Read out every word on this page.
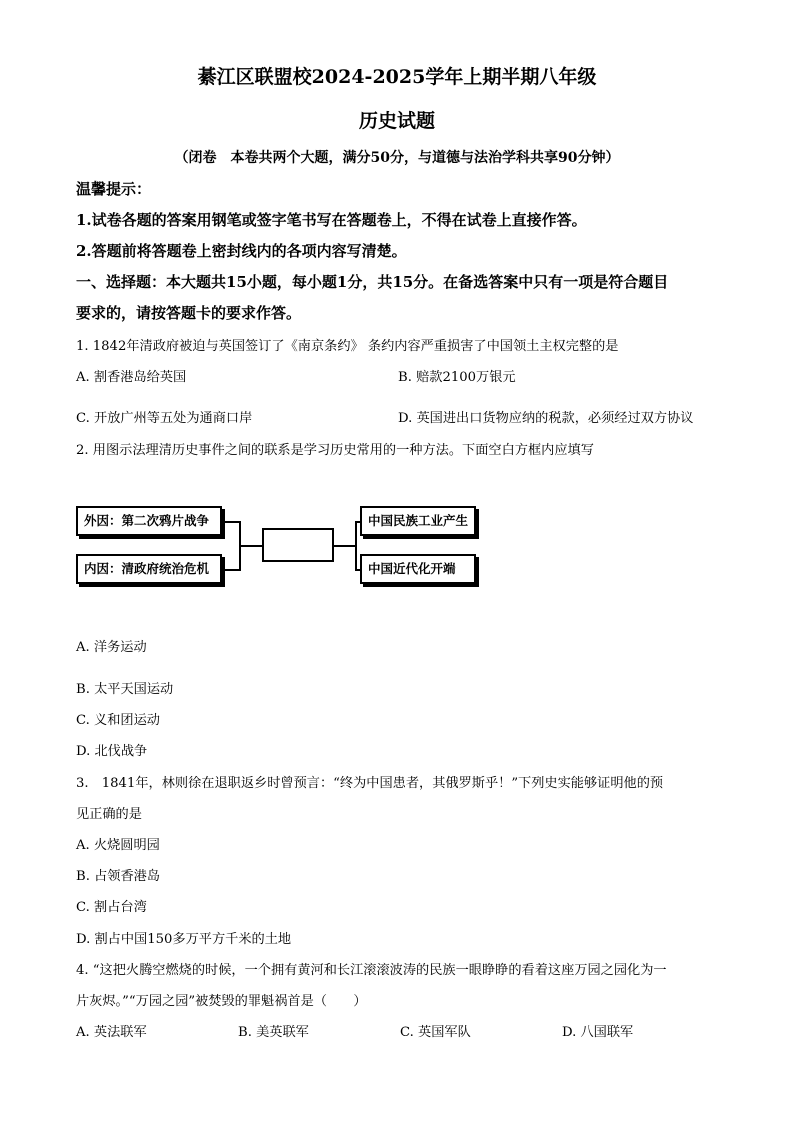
綦江区联盟校2024-2025学年上期半期八年级
历史试题
（闭卷　本卷共两个大题，满分50分，与道德与法治学科共享90分钟）
温馨提示：
1.试卷各题的答案用钢笔或签字笔书写在答题卷上，不得在试卷上直接作答。
2.答题前将答题卷上密封线内的各项内容写清楚。
一、选择题：本大题共15小题，每小题1分，共15分。在备选答案中只有一项是符合题目
要求的，请按答题卡的要求作答。
1. 1842年清政府被迫与英国签订了《南京条约》 条约内容严重损害了中国领土主权完整的是
A. 割香港岛给英国	B. 赔款2100万银元
C. 开放广州等五处为通商口岸	D. 英国进出口货物应纳的税款，必须经过双方协议
2. 用图示法理清历史事件之间的联系是学习历史常用的一种方法。下面空白方框内应填写
外因：第二次鸦片战争
内因：清政府统治危机
中国民族工业产生
中国近代化开端
A. 洋务运动
B. 太平天国运动
C. 义和团运动
D. 北伐战争
3.　1841年，林则徐在退职返乡时曾预言：“终为中国患者，其俄罗斯乎！”下列史实能够证明他的预
见正确的是
A. 火烧圆明园
B. 占领香港岛
C. 割占台湾
D. 割占中国150多万平方千米的土地
4. “这把火腾空燃烧的时候，一个拥有黄河和长江滚滚波涛的民族一眼睁睁的看着这座万园之园化为一
片灰烬。”“万园之园”被焚毁的罪魁祸首是（　　）
A. 英法联军	B. 美英联军	C. 英国军队	D. 八国联军
